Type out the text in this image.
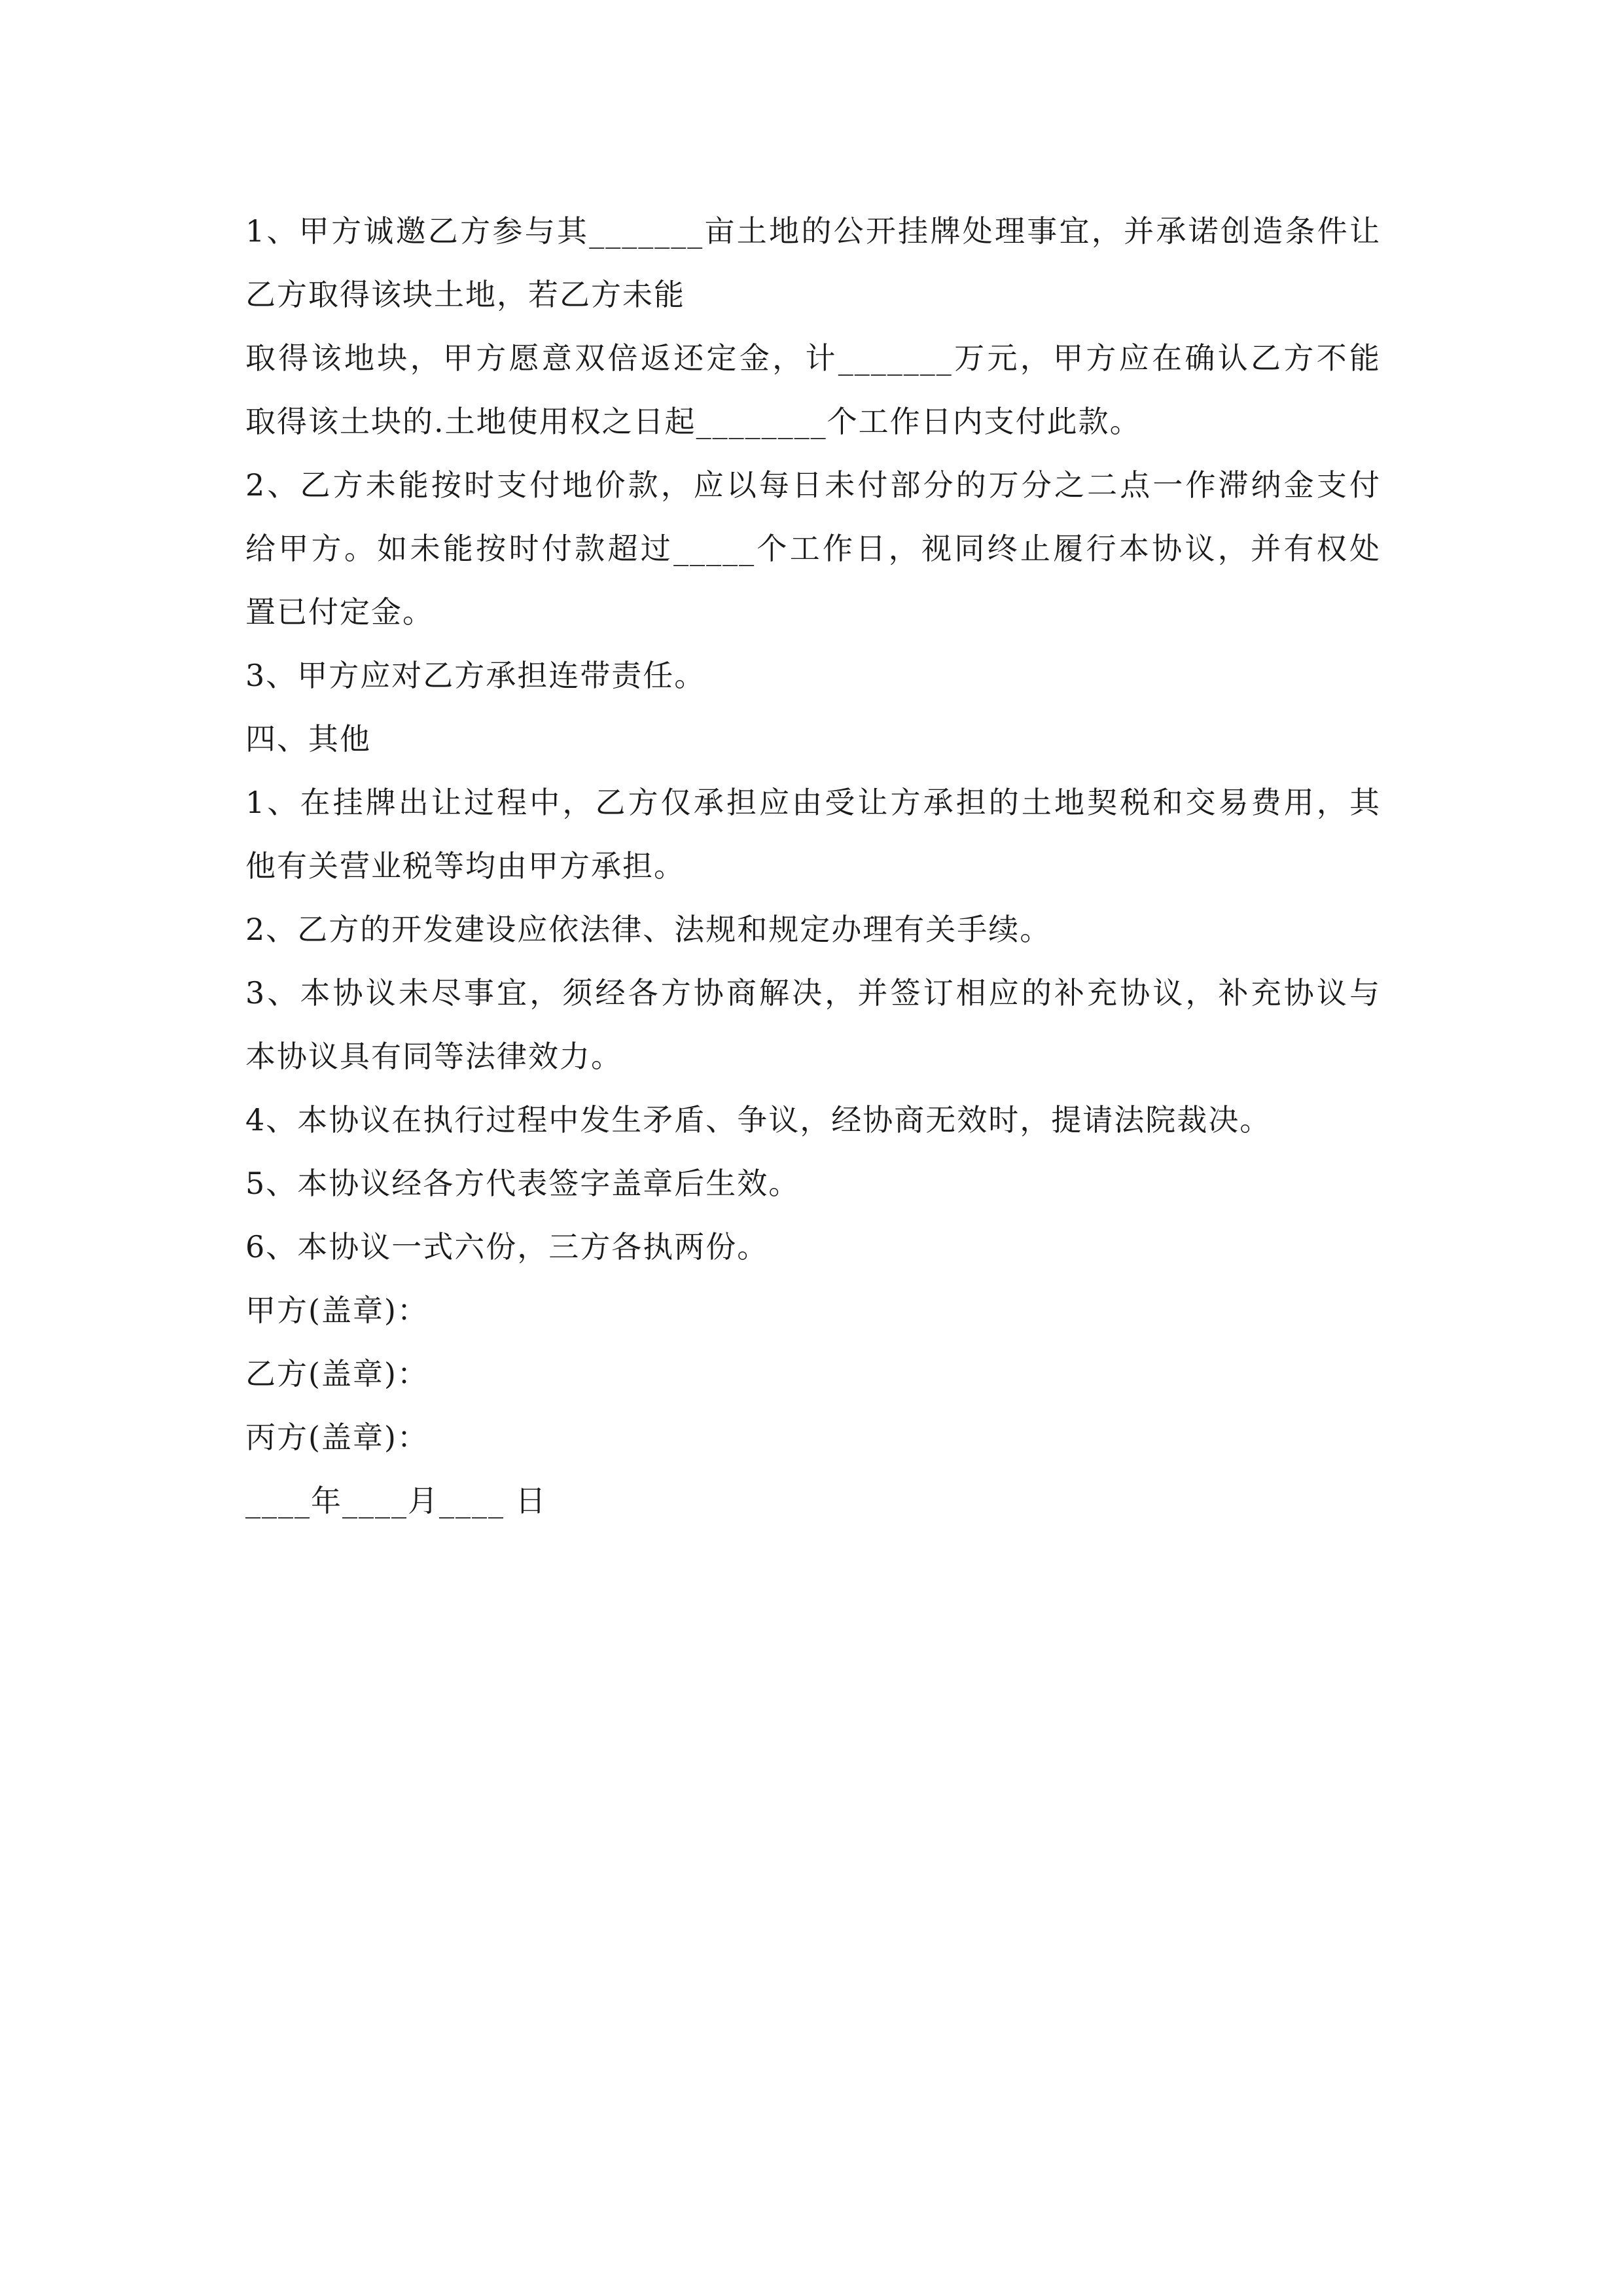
1、甲方诚邀乙方参与其_______亩土地的公开挂牌处理事宜，并承诺创造条件让
乙方取得该块土地，若乙方未能
取得该地块，甲方愿意双倍返还定金，计_______万元，甲方应在确认乙方不能
取得该土块的.土地使用权之日起________个工作日内支付此款。
2、乙方未能按时支付地价款，应以每日未付部分的万分之二点一作滞纳金支付
给甲方。如未能按时付款超过_____个工作日，视同终止履行本协议，并有权处
置已付定金。
3、甲方应对乙方承担连带责任。
四、其他
1、在挂牌出让过程中，乙方仅承担应由受让方承担的土地契税和交易费用，其
他有关营业税等均由甲方承担。
2、乙方的开发建设应依法律、法规和规定办理有关手续。
3、本协议未尽事宜，须经各方协商解决，并签订相应的补充协议，补充协议与
本协议具有同等法律效力。
4、本协议在执行过程中发生矛盾、争议，经协商无效时，提请法院裁决。
5、本协议经各方代表签字盖章后生效。
6、本协议一式六份，三方各执两份。
甲方(盖章)：
乙方(盖章)：
丙方(盖章)：
____年____月____ 日
